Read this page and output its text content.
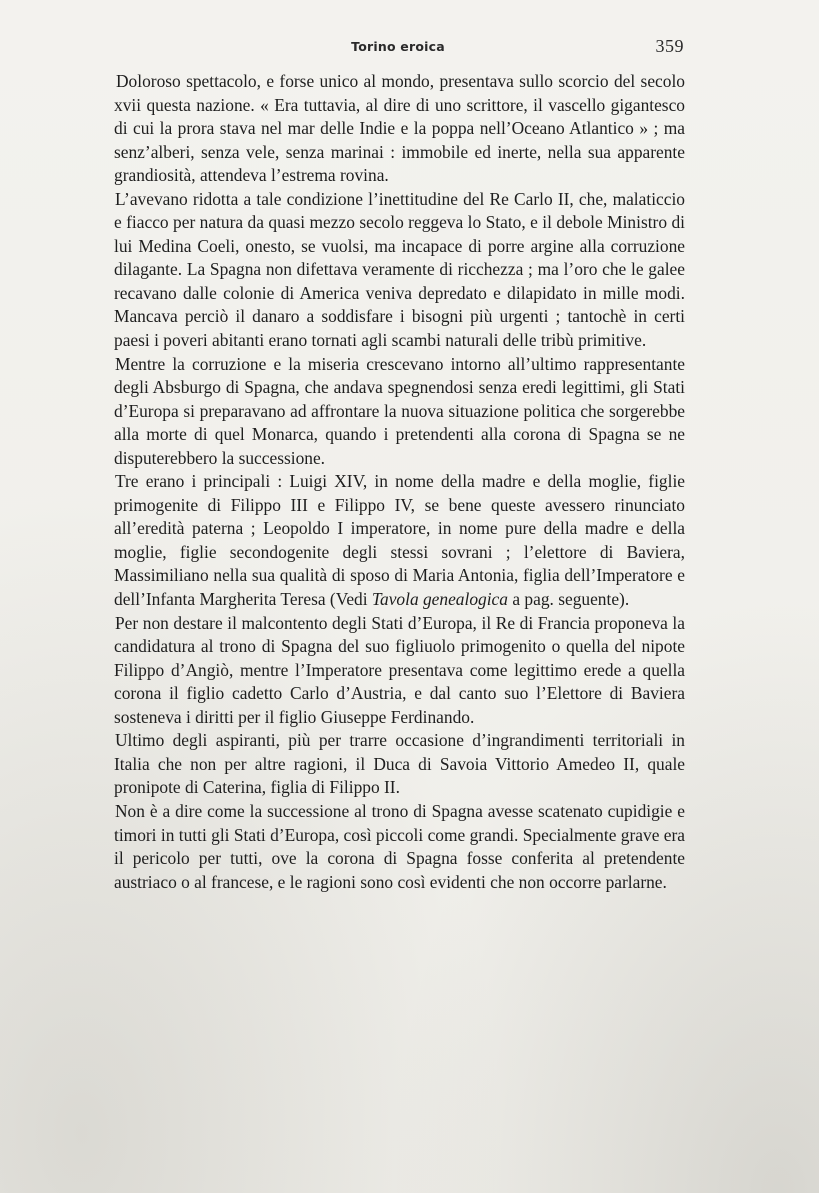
Torino eroica	359

Doloroso spettacolo, e forse unico al mondo, presentava sullo scorcio del secolo xvii questa nazione. « Era tuttavia, al dire di uno scrittore, il vascello gigantesco di cui la prora stava nel mar delle Indie e la poppa nell’Oceano Atlantico » ; ma senz’alberi, senza vele, senza marinai : immobile ed inerte, nella sua apparente grandiosità, attendeva l’estrema rovina.

L’avevano ridotta a tale condizione l’inettitudine del Re Carlo II, che, malaticcio e fiacco per natura da quasi mezzo secolo reggeva lo Stato, e il debole Ministro di lui Medina Coeli, onesto, se vuolsi, ma incapace di porre argine alla corruzione dilagante. La Spagna non difettava veramente di ricchezza ; ma l’oro che le galee recavano dalle colonie di America veniva depredato e dilapidato in mille modi. Mancava perciò il danaro a soddisfare i bisogni più urgenti ; tantochè in certi paesi i poveri abitanti erano tornati agli scambi naturali delle tribù primitive.

Mentre la corruzione e la miseria crescevano intorno all’ultimo rappresentante degli Absburgo di Spagna, che andava spegnendosi senza eredi legittimi, gli Stati d’Europa si preparavano ad affrontare la nuova situazione politica che sorgerebbe alla morte di quel Monarca, quando i pretendenti alla corona di Spagna se ne disputerebbero la successione.

Tre erano i principali : Luigi XIV, in nome della madre e della moglie, figlie primogenite di Filippo III e Filippo IV, se bene queste avessero rinunciato all’eredità paterna ; Leopoldo I imperatore, in nome pure della madre e della moglie, figlie secondogenite degli stessi sovrani ; l’elettore di Baviera, Massimiliano nella sua qualità di sposo di Maria Antonia, figlia dell’Imperatore e dell’Infanta Margherita Teresa (Vedi Tavola genealogica a pag. seguente).

Per non destare il malcontento degli Stati d’Europa, il Re di Francia proponeva la candidatura al trono di Spagna del suo figliuolo primogenito o quella del nipote Filippo d’Angiò, mentre l’Imperatore presentava come legittimo erede a quella corona il figlio cadetto Carlo d’Austria, e dal canto suo l’Elettore di Baviera sosteneva i diritti per il figlio Giuseppe Ferdinando.

Ultimo degli aspiranti, più per trarre occasione d’ingrandimenti territoriali in Italia che non per altre ragioni, il Duca di Savoia Vittorio Amedeo II, quale pronipote di Caterina, figlia di Filippo II.

Non è a dire come la successione al trono di Spagna avesse scatenato cupidigie e timori in tutti gli Stati d’Europa, così piccoli come grandi. Specialmente grave era il pericolo per tutti, ove la corona di Spagna fosse conferita al pretendente austriaco o al francese, e le ragioni sono così evidenti che non occorre parlarne.
